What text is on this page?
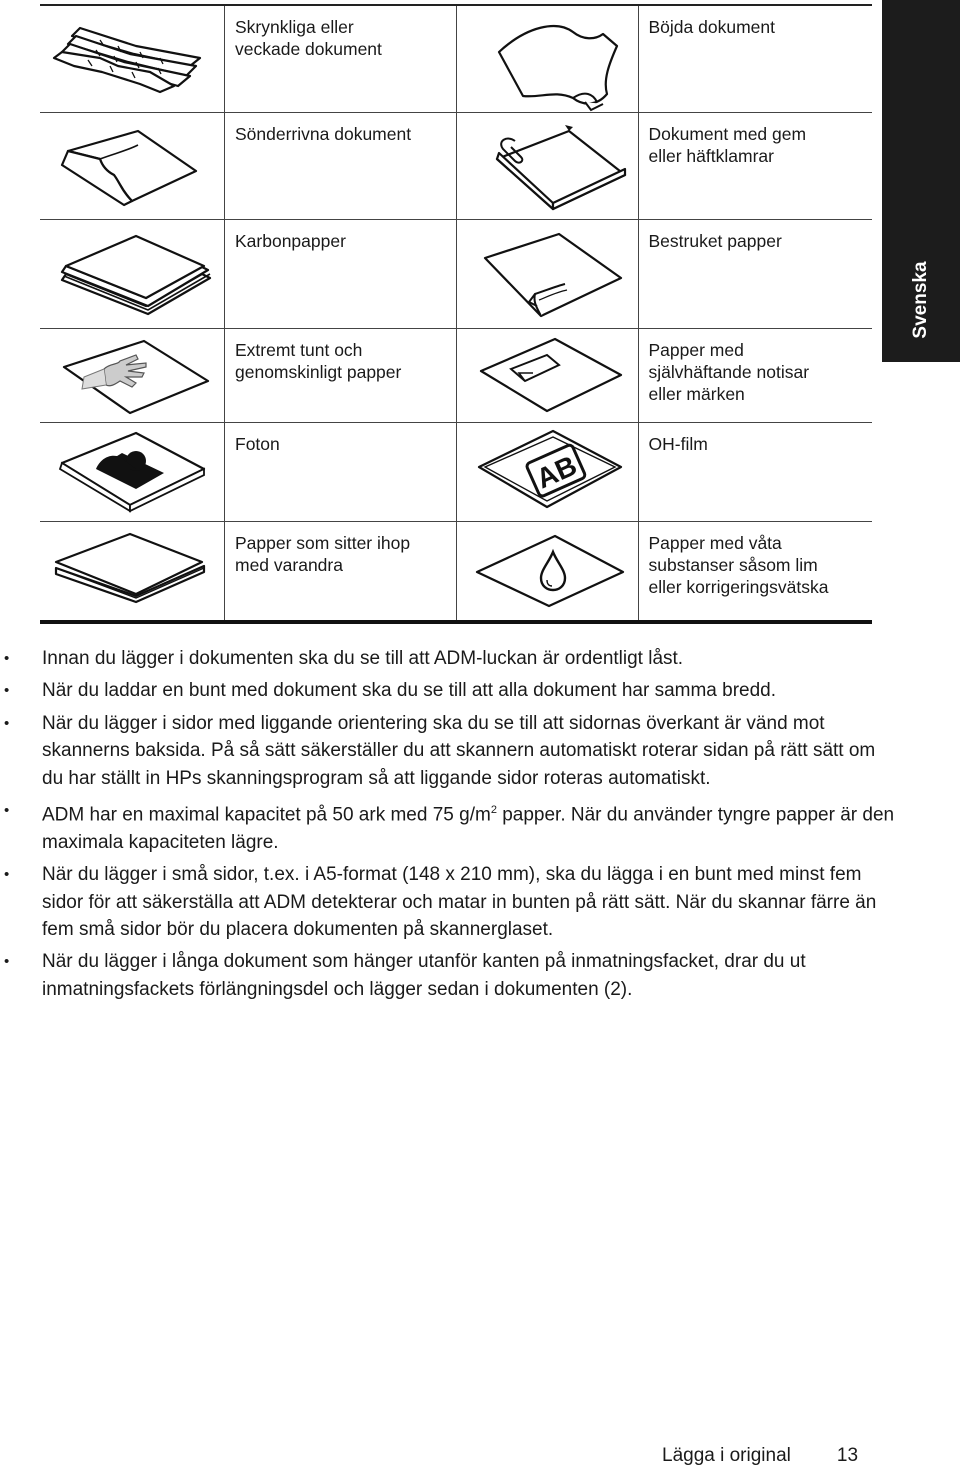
Svenska
Skrynkliga eller
veckade dokument
Böjda dokument
Sönderrivna dokument	Dokument med gem
eller häftklamrar
Karbonpapper	Bestruket papper
Extremt tunt och
genomskinligt papper
Papper med
självhäftande notisar
eller märken
Foton
AB
OH-film
Papper som sitter ihop
med varandra
Papper med våta
substanser såsom lim
eller korrigeringsvätska
• Innan du lägger i dokumenten ska du se till att ADM-luckan är ordentligt låst.
• När du laddar en bunt med dokument ska du se till att alla dokument har samma bredd.
• När du lägger i sidor med liggande orientering ska du se till att sidornas överkant är vänd mot skannerns baksida. På så sätt säkerställer du att skannern automatiskt roterar sidan på rätt sätt om du har ställt in HPs skanningsprogram så att liggande sidor roteras automatiskt.
• ADM har en maximal kapacitet på 50 ark med 75 $g/m^2$ papper. När du använder tyngre papper är den maximala kapaciteten lägre.
• När du lägger i små sidor, t.ex. i A5-format (148 x 210 mm), ska du lägga i en bunt med minst fem sidor för att säkerställa att ADM detekterar och matar in bunten på rätt sätt. När du skannar färre än fem små sidor bör du placera dokumenten på skannerglaset.
• När du lägger i långa dokument som hänger utanför kanten på inmatningsfacket, drar du ut inmatningsfackets förlängningsdel och lägger sedan i dokumenten (2).
Lägga i original 13
